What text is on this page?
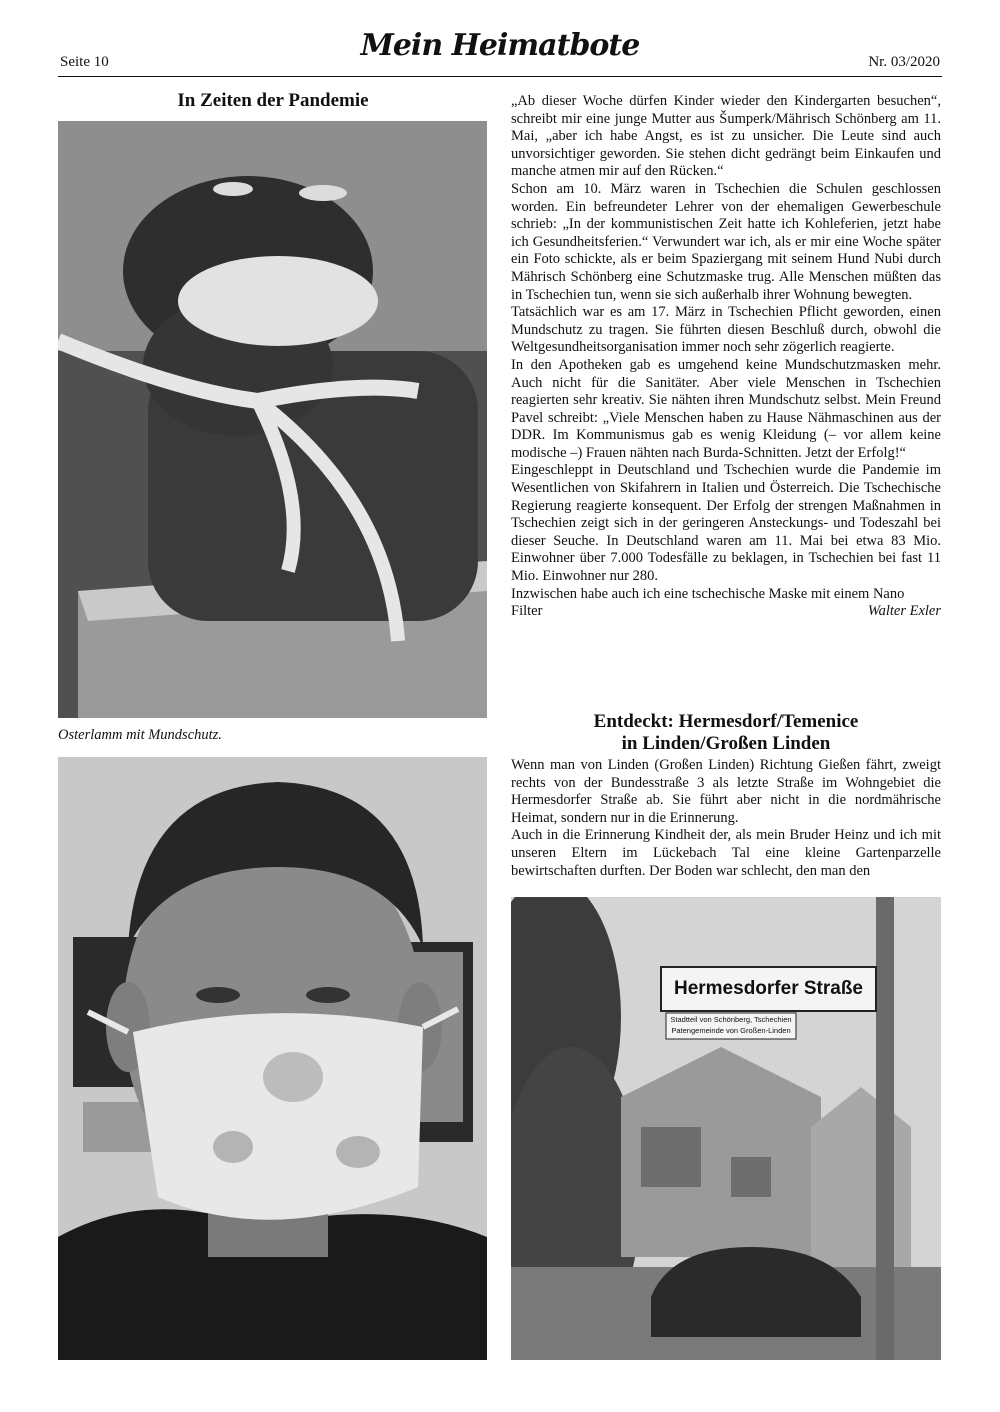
Seite 10	Mein Heimatbote	Nr. 03/2020
In Zeiten der Pandemie
Osterlamm mit Mundschutz.

„Ab dieser Woche dürfen Kinder wieder den Kindergarten besuchen“, schreibt mir eine junge Mutter aus Šumperk/Mährisch Schönberg am 11. Mai, „aber ich habe Angst, es ist zu unsicher. Die Leute sind auch unvorsichtiger geworden. Sie stehen dicht gedrängt beim Einkaufen und manche atmen mir auf den Rücken.“

Schon am 10. März waren in Tschechien die Schulen geschlossen worden. Ein befreundeter Lehrer von der ehemaligen Gewerbeschule schrieb: „In der kommunistischen Zeit hatte ich Kohleferien, jetzt habe ich Gesundheitsferien.“ Verwundert war ich, als er mir eine Woche später ein Foto schickte, als er beim Spaziergang mit seinem Hund Nubi durch Mährisch Schönberg eine Schutzmaske trug. Alle Menschen müßten das in Tschechien tun, wenn sie sich außerhalb ihrer Wohnung bewegten.

Tatsächlich war es am 17. März in Tschechien Pflicht geworden, einen Mundschutz zu tragen. Sie führten diesen Beschluß durch, obwohl die Weltgesundheitsorganisation immer noch sehr zögerlich reagierte.

In den Apotheken gab es umgehend keine Mundschutzmasken mehr. Auch nicht für die Sanitäter. Aber viele Menschen in Tschechien reagierten sehr kreativ. Sie nähten ihren Mundschutz selbst. Mein Freund Pavel schreibt: „Viele Menschen haben zu Hause Nähmaschinen aus der DDR. Im Kommunismus gab es wenig Kleidung (– vor allem keine modische –) Frauen nähten nach Burda-Schnitten. Jetzt der Erfolg!“

Eingeschleppt in Deutschland und Tschechien wurde die Pandemie im Wesentlichen von Skifahrern in Italien und Österreich. Die Tschechische Regierung reagierte konsequent. Der Erfolg der strengen Maßnahmen in Tschechien zeigt sich in der geringeren Ansteckungs- und Todeszahl bei dieser Seuche. In Deutschland waren am 11. Mai bei etwa 83 Mio. Einwohner über 7.000 Todesfälle zu beklagen, in Tschechien bei fast 11 Mio. Einwohner nur 280.

Inzwischen habe auch ich eine tschechische Maske mit einem Nano

Filter	Walter Exler
Entdeckt: Hermesdorf/Temenice
in Linden/Großen Linden

Wenn man von Linden (Großen Linden) Richtung Gießen fährt, zweigt rechts von der Bundesstraße 3 als letzte Straße im Wohngebiet die Hermesdorfer Straße ab. Sie führt aber nicht in die nordmährische Heimat, sondern nur in die Erinnerung.

Auch in die Erinnerung Kindheit der, als mein Bruder Heinz und ich mit unseren Eltern im Lückebach Tal eine kleine Gartenparzelle bewirtschaften durften. Der Boden war schlecht, den man den

Hermesdorfer Straße
Stadtteil von Schönberg, Tschechien
Patengemeinde von Großen-Linden
